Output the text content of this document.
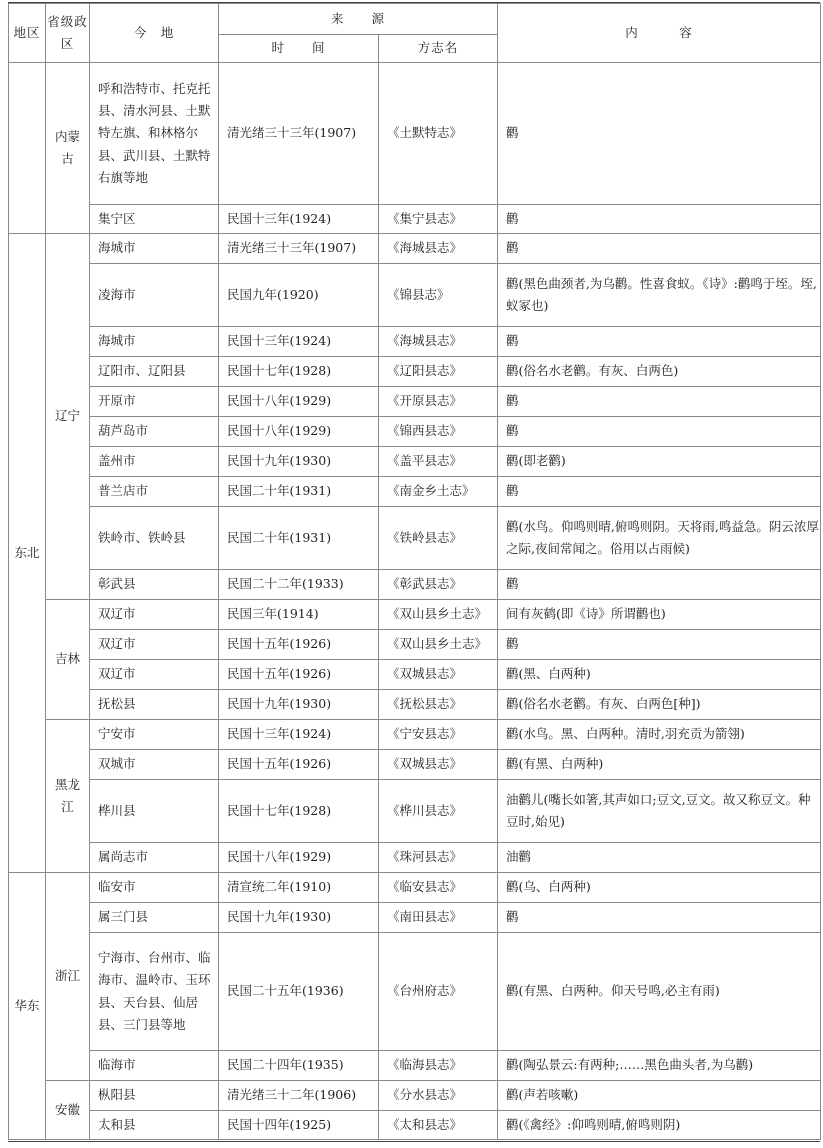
地区	省级政区	今　地	来　　源		内　　　容
			时　　间	方志名	
	内蒙古	呼和浩特市、托克托县、清水河县、土默特左旗、和林格尔县、武川县、土默特右旗等地	清光绪三十三年(1907)	《土默特志》	鹳
		集宁区	民国十三年(1924)	《集宁县志》	鹳
东北	辽宁	海城市	清光绪三十三年(1907)	《海城县志》	鹳
		凌海市	民国九年(1920)	《锦县志》	鹳(黑色曲颈者,为乌鹳。性喜食蚁。《诗》:鹳鸣于垤。垤,蚁冢也)
		海城市	民国十三年(1924)	《海城县志》	鹳
		辽阳市、辽阳县	民国十七年(1928)	《辽阳县志》	鹳(俗名水老鹳。有灰、白两色)
		开原市	民国十八年(1929)	《开原县志》	鹳
		葫芦岛市	民国十八年(1929)	《锦西县志》	鹳
		盖州市	民国十九年(1930)	《盖平县志》	鹳(即老鹳)
		普兰店市	民国二十年(1931)	《南金乡土志》	鹳
		铁岭市、铁岭县	民国二十年(1931)	《铁岭县志》	鹳(水鸟。仰鸣则晴,俯鸣则阴。天将雨,鸣益急。阴云浓厚之际,夜间常闻之。俗用以占雨候)
		彰武县	民国二十二年(1933)	《彰武县志》	鹳
	吉林	双辽市	民国三年(1914)	《双山县乡土志》	间有灰鹤(即《诗》所谓鹳也)
		双辽市	民国十五年(1926)	《双山县乡土志》	鹳
		双辽市	民国十五年(1926)	《双城县志》	鹳(黑、白两种)
		抚松县	民国十九年(1930)	《抚松县志》	鹳(俗名水老鹳。有灰、白两色[种])
	黑龙江	宁安市	民国十三年(1924)	《宁安县志》	鹳(水鸟。黑、白两种。清时,羽充贡为箭翎)
		双城市	民国十五年(1926)	《双城县志》	鹳(有黑、白两种)
		桦川县	民国十七年(1928)	《桦川县志》	油鹳儿(嘴长如箸,其声如口;豆文,豆文。故又称豆文。种豆时,始见)
		属尚志市	民国十八年(1929)	《珠河县志》	油鹳
华东	浙江	临安市	清宣统二年(1910)	《临安县志》	鹳(乌、白两种)
		属三门县	民国十九年(1930)	《南田县志》	鹳
		宁海市、台州市、临海市、温岭市、玉环县、天台县、仙居县、三门县等地	民国二十五年(1936)	《台州府志》	鹳(有黑、白两种。仰天号鸣,必主有雨)
		临海市	民国二十四年(1935)	《临海县志》	鹳(陶弘景云:有两种;……黑色曲头者,为乌鹳)
	安徽	枞阳县	清光绪三十二年(1906)	《分水县志》	鹳(声若咳嗽)
		太和县	民国十四年(1925)	《太和县志》	鹳(《禽经》:仰鸣则晴,俯鸣则阴)
